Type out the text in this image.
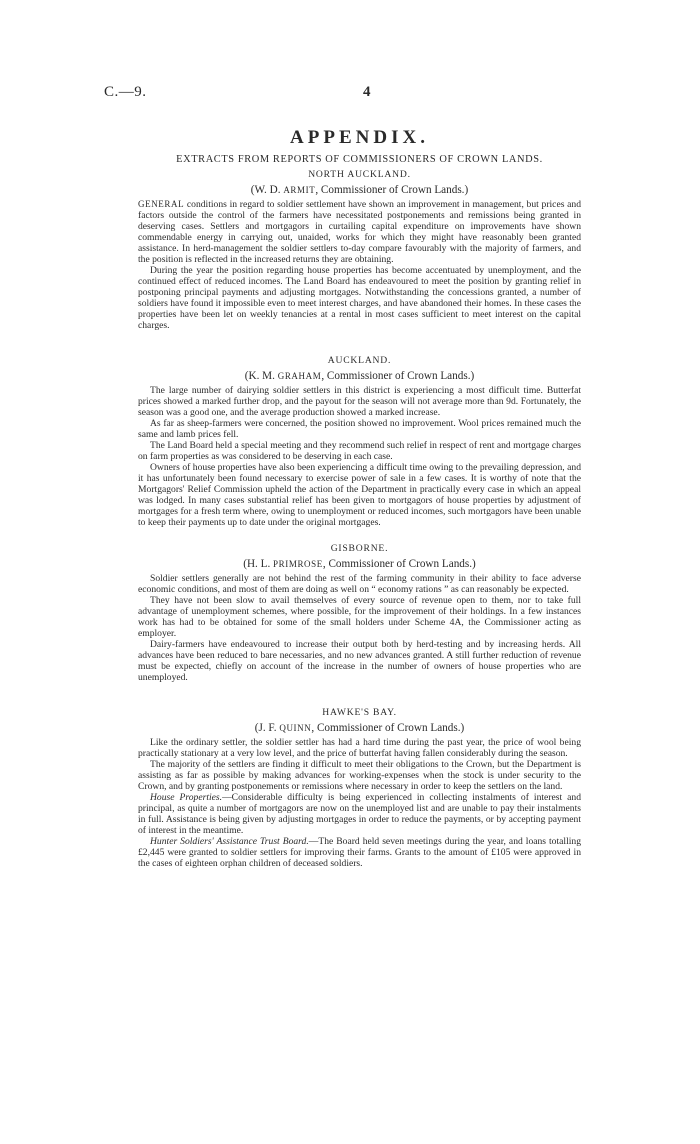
C.—9.	4
APPENDIX.
EXTRACTS FROM REPORTS OF COMMISSIONERS OF CROWN LANDS.
NORTH AUCKLAND.
(W. D. ARMIT, Commissioner of Crown Lands.)

GENERAL conditions in regard to soldier settlement have shown an improvement in management, but prices and factors outside the control of the farmers have necessitated postponements and remissions being granted in deserving cases. Settlers and mortgagors in curtailing capital expenditure on improvements have shown commendable energy in carrying out, unaided, works for which they might have reasonably been granted assistance. In herd-management the soldier settlers to-day compare favourably with the majority of farmers, and the position is reflected in the increased returns they are obtaining.

During the year the position regarding house properties has become accentuated by unemployment, and the continued effect of reduced incomes. The Land Board has endeavoured to meet the position by granting relief in postponing principal payments and adjusting mortgages. Notwithstanding the concessions granted, a number of soldiers have found it impossible even to meet interest charges, and have abandoned their homes. In these cases the properties have been let on weekly tenancies at a rental in most cases sufficient to meet interest on the capital charges.

AUCKLAND.
(K. M. GRAHAM, Commissioner of Crown Lands.)

The large number of dairying soldier settlers in this district is experiencing a most difficult time. Butterfat prices showed a marked further drop, and the payout for the season will not average more than 9d. Fortunately, the season was a good one, and the average production showed a marked increase.

As far as sheep-farmers were concerned, the position showed no improvement. Wool prices remained much the same and lamb prices fell.

The Land Board held a special meeting and they recommend such relief in respect of rent and mortgage charges on farm properties as was considered to be deserving in each case.

Owners of house properties have also been experiencing a difficult time owing to the prevailing depression, and it has unfortunately been found necessary to exercise power of sale in a few cases. It is worthy of note that the Mortgagors' Relief Commission upheld the action of the Department in practically every case in which an appeal was lodged. In many cases substantial relief has been given to mortgagors of house properties by adjustment of mortgages for a fresh term where, owing to unemployment or reduced incomes, such mortgagors have been unable to keep their payments up to date under the original mortgages.

GISBORNE.
(H. L. PRIMROSE, Commissioner of Crown Lands.)

Soldier settlers generally are not behind the rest of the farming community in their ability to face adverse economic conditions, and most of them are doing as well on “ economy rations ” as can reasonably be expected.

They have not been slow to avail themselves of every source of revenue open to them, nor to take full advantage of unemployment schemes, where possible, for the improvement of their holdings. In a few instances work has had to be obtained for some of the small holders under Scheme 4A, the Commissioner acting as employer.

Dairy-farmers have endeavoured to increase their output both by herd-testing and by increasing herds. All advances have been reduced to bare necessaries, and no new advances granted. A still further reduction of revenue must be expected, chiefly on account of the increase in the number of owners of house properties who are unemployed.

HAWKE'S BAY.
(J. F. QUINN, Commissioner of Crown Lands.)

Like the ordinary settler, the soldier settler has had a hard time during the past year, the price of wool being practically stationary at a very low level, and the price of butterfat having fallen considerably during the season.

The majority of the settlers are finding it difficult to meet their obligations to the Crown, but the Department is assisting as far as possible by making advances for working-expenses when the stock is under security to the Crown, and by granting postponements or remissions where necessary in order to keep the settlers on the land.

House Properties.—Considerable difficulty is being experienced in collecting instalments of interest and principal, as quite a number of mortgagors are now on the unemployed list and are unable to pay their instalments in full. Assistance is being given by adjusting mortgages in order to reduce the payments, or by accepting payment of interest in the meantime.

Hunter Soldiers' Assistance Trust Board.—The Board held seven meetings during the year, and loans totalling £2,445 were granted to soldier settlers for improving their farms. Grants to the amount of £105 were approved in the cases of eighteen orphan children of deceased soldiers.
